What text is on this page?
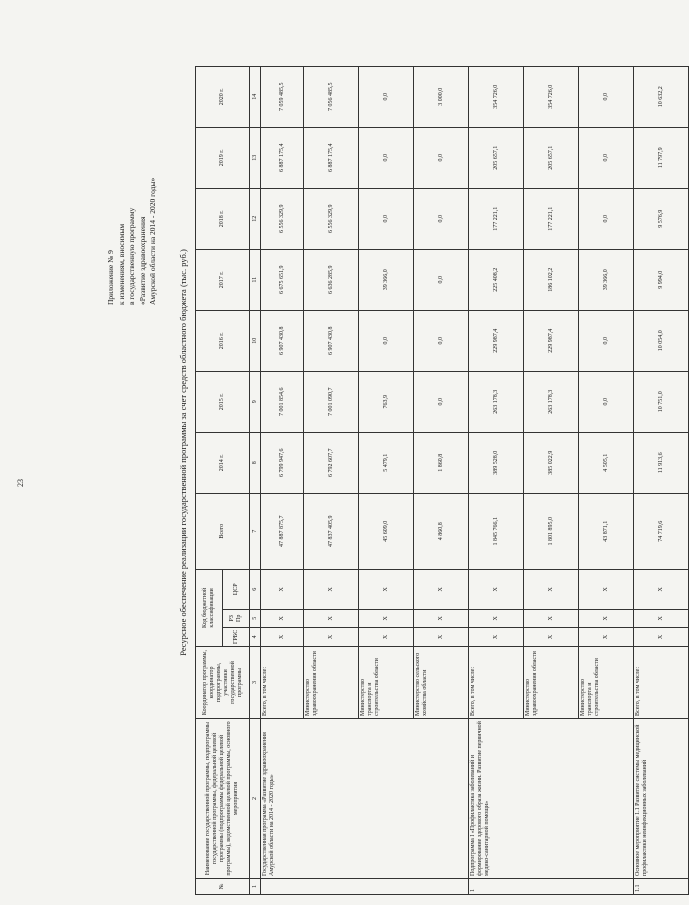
23
Приложение № 9
к изменениям, вносимым
в государственную программу
«Развитие здравоохранения
Амурской области на 2014 - 2020 годы»
Ресурсное обеспечение реализации государственной программы за счет средств областного бюджета (тыс. руб.)
№	Наименование государственной программы, подпрограммы государственной программы, федеральной целевой программы (подпрограммы федеральной целевой программы), ведомственной целевой программы, основного мероприятия	Координатор программы, координатор подпрограммы, участники государственной программы	Код бюджетной классификации			Всего	2014 г.	2015 г.	2016 г.	2017 г.	2018 г.	2019 г.	2020 г.
			ГРБС	РЗ Пр	ЦСР								
1	2	3	4	5	6	7	8	9	10	11	12	13	14
	Государственная программа «Развитие здравоохранения Амурской области на 2014 - 2020 годы»	Всего, в том числе:	X	X	X	47 887 875,7	6 799 947,6	7 001 854,6	6 907 430,8	6 675 651,9	6 556 329,9	6 887 175,4	7 059 485,5
		Министерство здравоохранения области	X	X	X	47 837 405,9	6 792 607,7	7 001 090,7	6 907 430,8	6 636 285,9	6 556 329,9	6 887 175,4	7 056 485,5
		Министерство транспорта и строительства области	X	X	X	45 609,0	5 479,1	763,9	0,0	39 366,0	0,0	0,0	0,0
		Министерство сельского хозяйства области	X	X	X	4 860,8	1 860,8	0,0	0,0	0,0	0,0	0,0	3 000,0
1	Подпрограмма I «Профилактика заболеваний и формирование здорового образа жизни. Развитие первичной медико-санитарной помощи»	Всего, в том числе:	X	X	X	1 845 766,1	389 528,0	263 178,3	229 987,4	225 408,2	177 221,1	205 657,1	354 726,0
		Министерство здравоохранения области	X	X	X	1 801 895,0	385 022,9	263 178,3	229 987,4	186 102,2	177 221,1	205 657,1	354 726,0
		Министерство транспорта и строительства области	X	X	X	43 871,1	4 505,1	0,0	0,0	39 366,0	0,0	0,0	0,0
1.1	Основное мероприятие 1.1 Развитие системы медицинской профилактики неинфекционных заболеваний	Всего, в том числе:	X	X	X	74 719,6	11 913,6	10 751,0	10 054,0	9 994,0	9 576,9	11 797,9	10 632,2
